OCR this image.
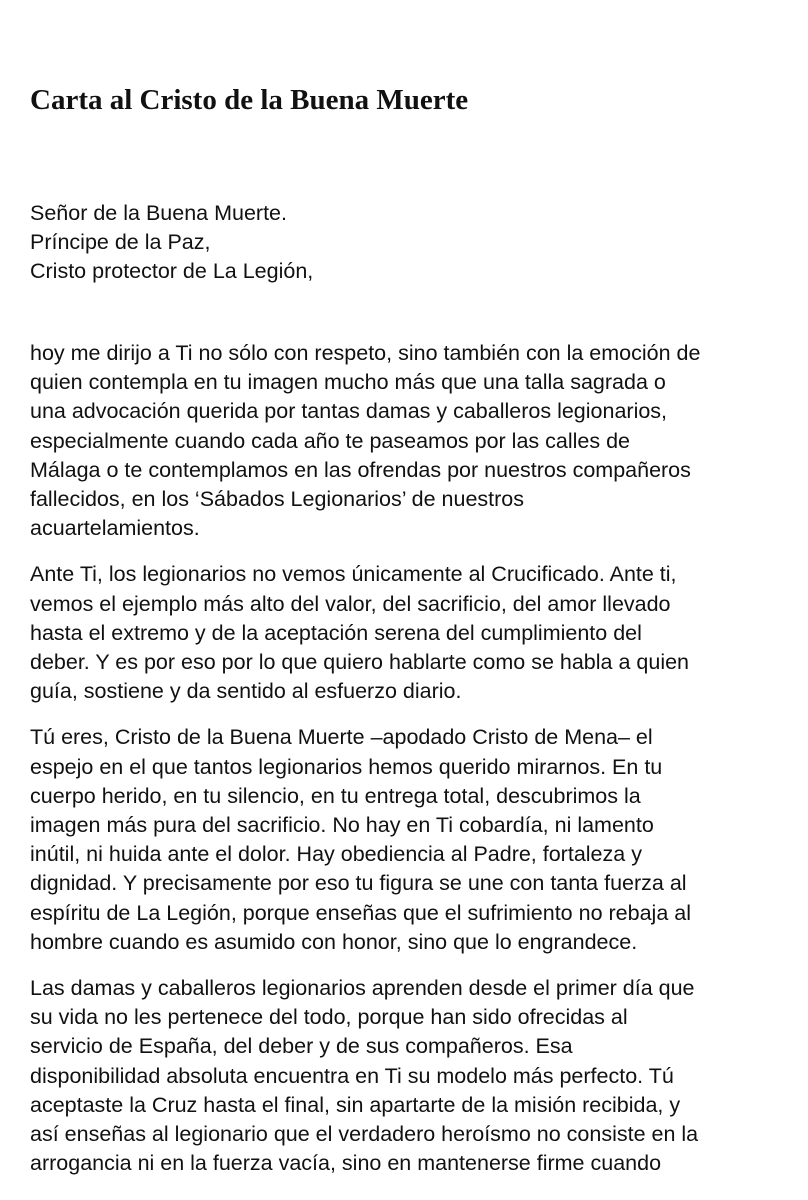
Carta al Cristo de la Buena Muerte
Señor de la Buena Muerte.
Príncipe de la Paz,
Cristo protector de La Legión,

hoy me dirijo a Ti no sólo con respeto, sino también con la emoción de
quien contempla en tu imagen mucho más que una talla sagrada o
una advocación querida por tantas damas y caballeros legionarios,
especialmente cuando cada año te paseamos por las calles de
Málaga o te contemplamos en las ofrendas por nuestros compañeros
fallecidos, en los ‘Sábados Legionarios’ de nuestros
acuartelamientos.

Ante Ti, los legionarios no vemos únicamente al Crucificado. Ante ti,
vemos el ejemplo más alto del valor, del sacrificio, del amor llevado
hasta el extremo y de la aceptación serena del cumplimiento del
deber. Y es por eso por lo que quiero hablarte como se habla a quien
guía, sostiene y da sentido al esfuerzo diario.

Tú eres, Cristo de la Buena Muerte –apodado Cristo de Mena– el
espejo en el que tantos legionarios hemos querido mirarnos. En tu
cuerpo herido, en tu silencio, en tu entrega total, descubrimos la
imagen más pura del sacrificio. No hay en Ti cobardía, ni lamento
inútil, ni huida ante el dolor. Hay obediencia al Padre, fortaleza y
dignidad. Y precisamente por eso tu figura se une con tanta fuerza al
espíritu de La Legión, porque enseñas que el sufrimiento no rebaja al
hombre cuando es asumido con honor, sino que lo engrandece.

Las damas y caballeros legionarios aprenden desde el primer día que
su vida no les pertenece del todo, porque han sido ofrecidas al
servicio de España, del deber y de sus compañeros. Esa
disponibilidad absoluta encuentra en Ti su modelo más perfecto. Tú
aceptaste la Cruz hasta el final, sin apartarte de la misión recibida, y
así enseñas al legionario que el verdadero heroísmo no consiste en la
arrogancia ni en la fuerza vacía, sino en mantenerse firme cuando
